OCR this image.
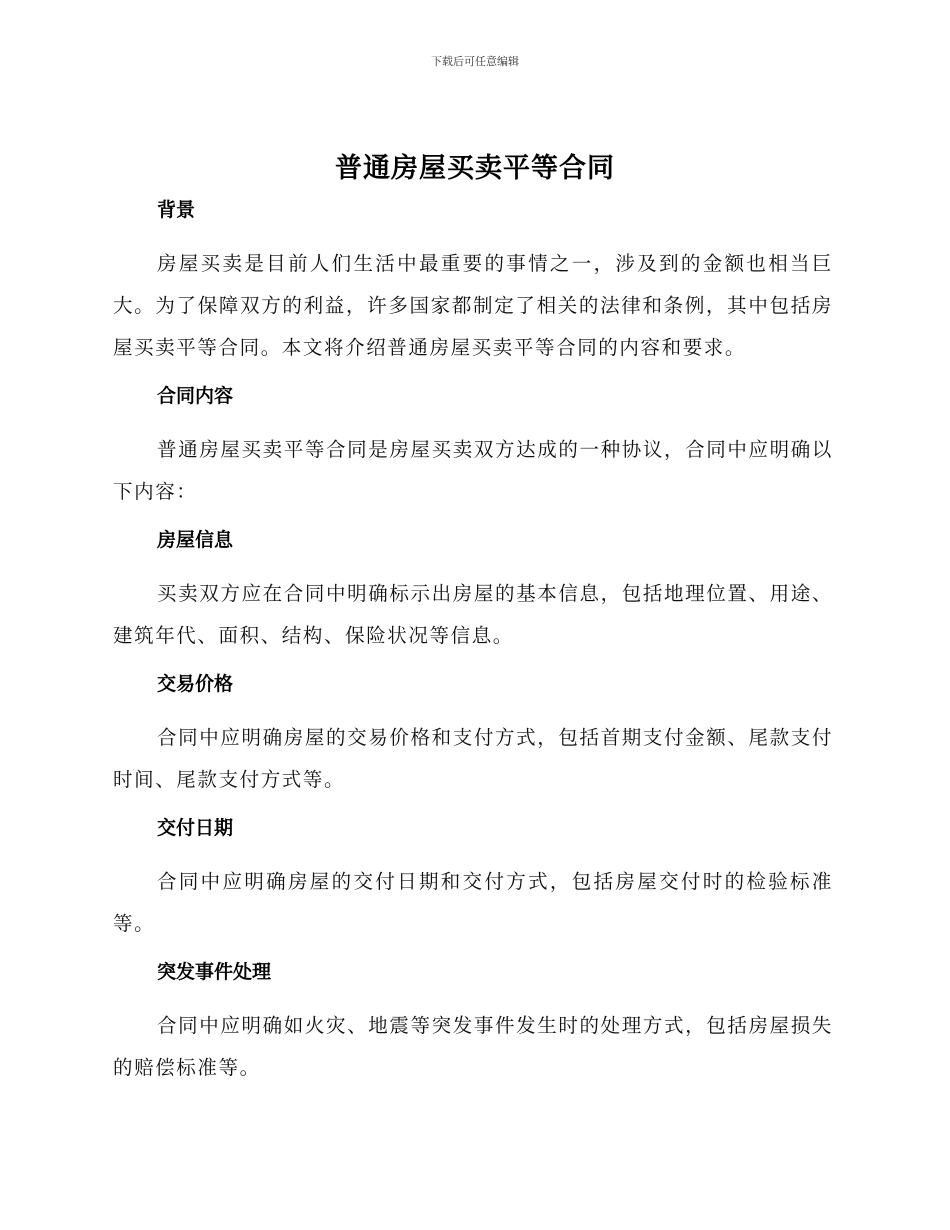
下载后可任意编辑
普通房屋买卖平等合同
背景

房屋买卖是目前人们生活中最重要的事情之一，涉及到的金额也相当巨大。为了保障双方的利益，许多国家都制定了相关的法律和条例，其中包括房屋买卖平等合同。本文将介绍普通房屋买卖平等合同的内容和要求。

合同内容

普通房屋买卖平等合同是房屋买卖双方达成的一种协议，合同中应明确以下内容：

房屋信息

买卖双方应在合同中明确标示出房屋的基本信息，包括地理位置、用途、建筑年代、面积、结构、保险状况等信息。

交易价格

合同中应明确房屋的交易价格和支付方式，包括首期支付金额、尾款支付时间、尾款支付方式等。

交付日期

合同中应明确房屋的交付日期和交付方式，包括房屋交付时的检验标准等。

突发事件处理

合同中应明确如火灾、地震等突发事件发生时的处理方式，包括房屋损失的赔偿标准等。
